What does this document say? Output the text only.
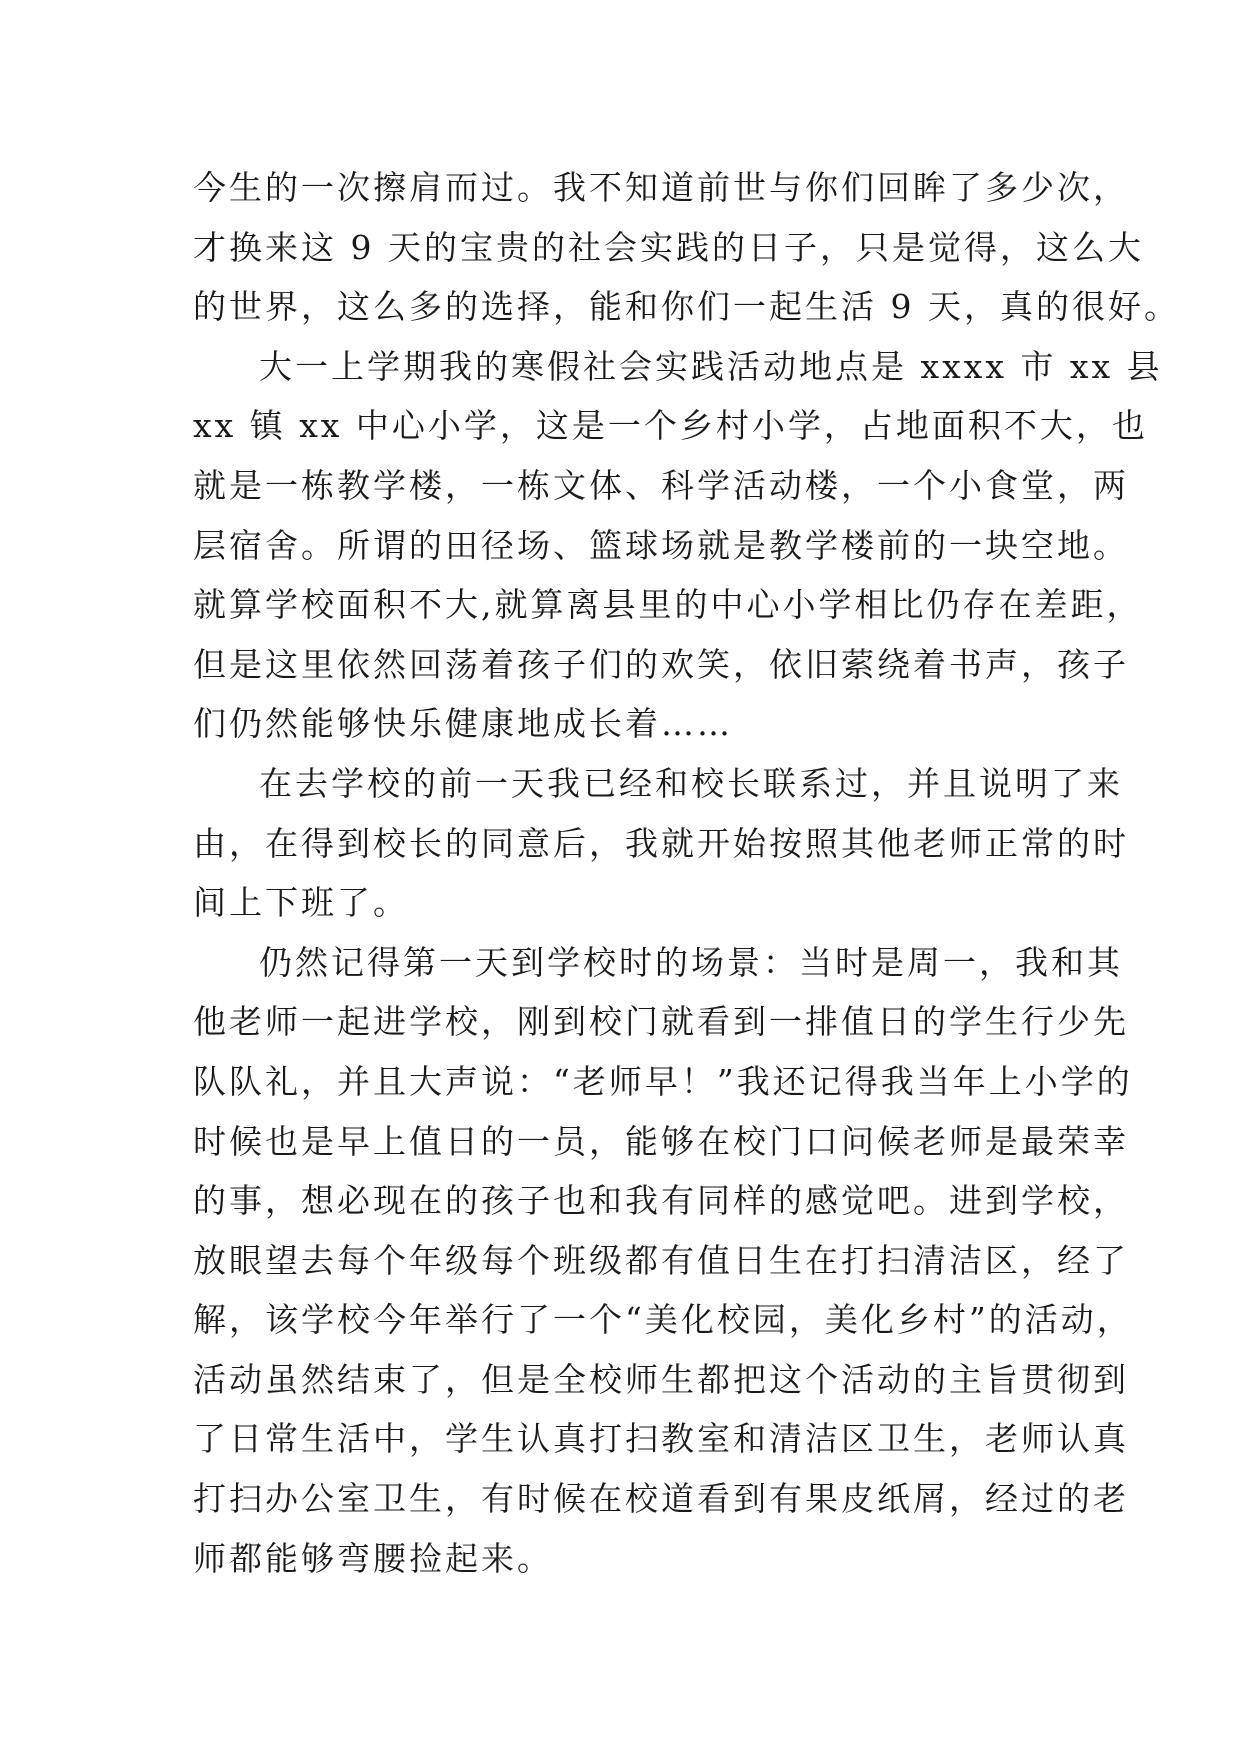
今生的一次擦肩而过。我不知道前世与你们回眸了多少次，
才换来这 9 天的宝贵的社会实践的日子，只是觉得，这么大
的世界，这么多的选择，能和你们一起生活 9 天，真的很好。
大一上学期我的寒假社会实践活动地点是 xxxx 市 xx 县
xx 镇 xx 中心小学，这是一个乡村小学，占地面积不大，也
就是一栋教学楼，一栋文体、科学活动楼，一个小食堂，两
层宿舍。所谓的田径场、篮球场就是教学楼前的一块空地。
就算学校面积不大,就算离县里的中心小学相比仍存在差距，
但是这里依然回荡着孩子们的欢笑，依旧萦绕着书声，孩子
们仍然能够快乐健康地成长着……
在去学校的前一天我已经和校长联系过，并且说明了来
由，在得到校长的同意后，我就开始按照其他老师正常的时
间上下班了。
仍然记得第一天到学校时的场景：当时是周一，我和其
他老师一起进学校，刚到校门就看到一排值日的学生行少先
队队礼，并且大声说：“老师早！”我还记得我当年上小学的
时候也是早上值日的一员，能够在校门口问候老师是最荣幸
的事，想必现在的孩子也和我有同样的感觉吧。进到学校，
放眼望去每个年级每个班级都有值日生在打扫清洁区，经了
解，该学校今年举行了一个“美化校园，美化乡村”的活动，
活动虽然结束了，但是全校师生都把这个活动的主旨贯彻到
了日常生活中，学生认真打扫教室和清洁区卫生，老师认真
打扫办公室卫生，有时候在校道看到有果皮纸屑，经过的老
师都能够弯腰捡起来。
